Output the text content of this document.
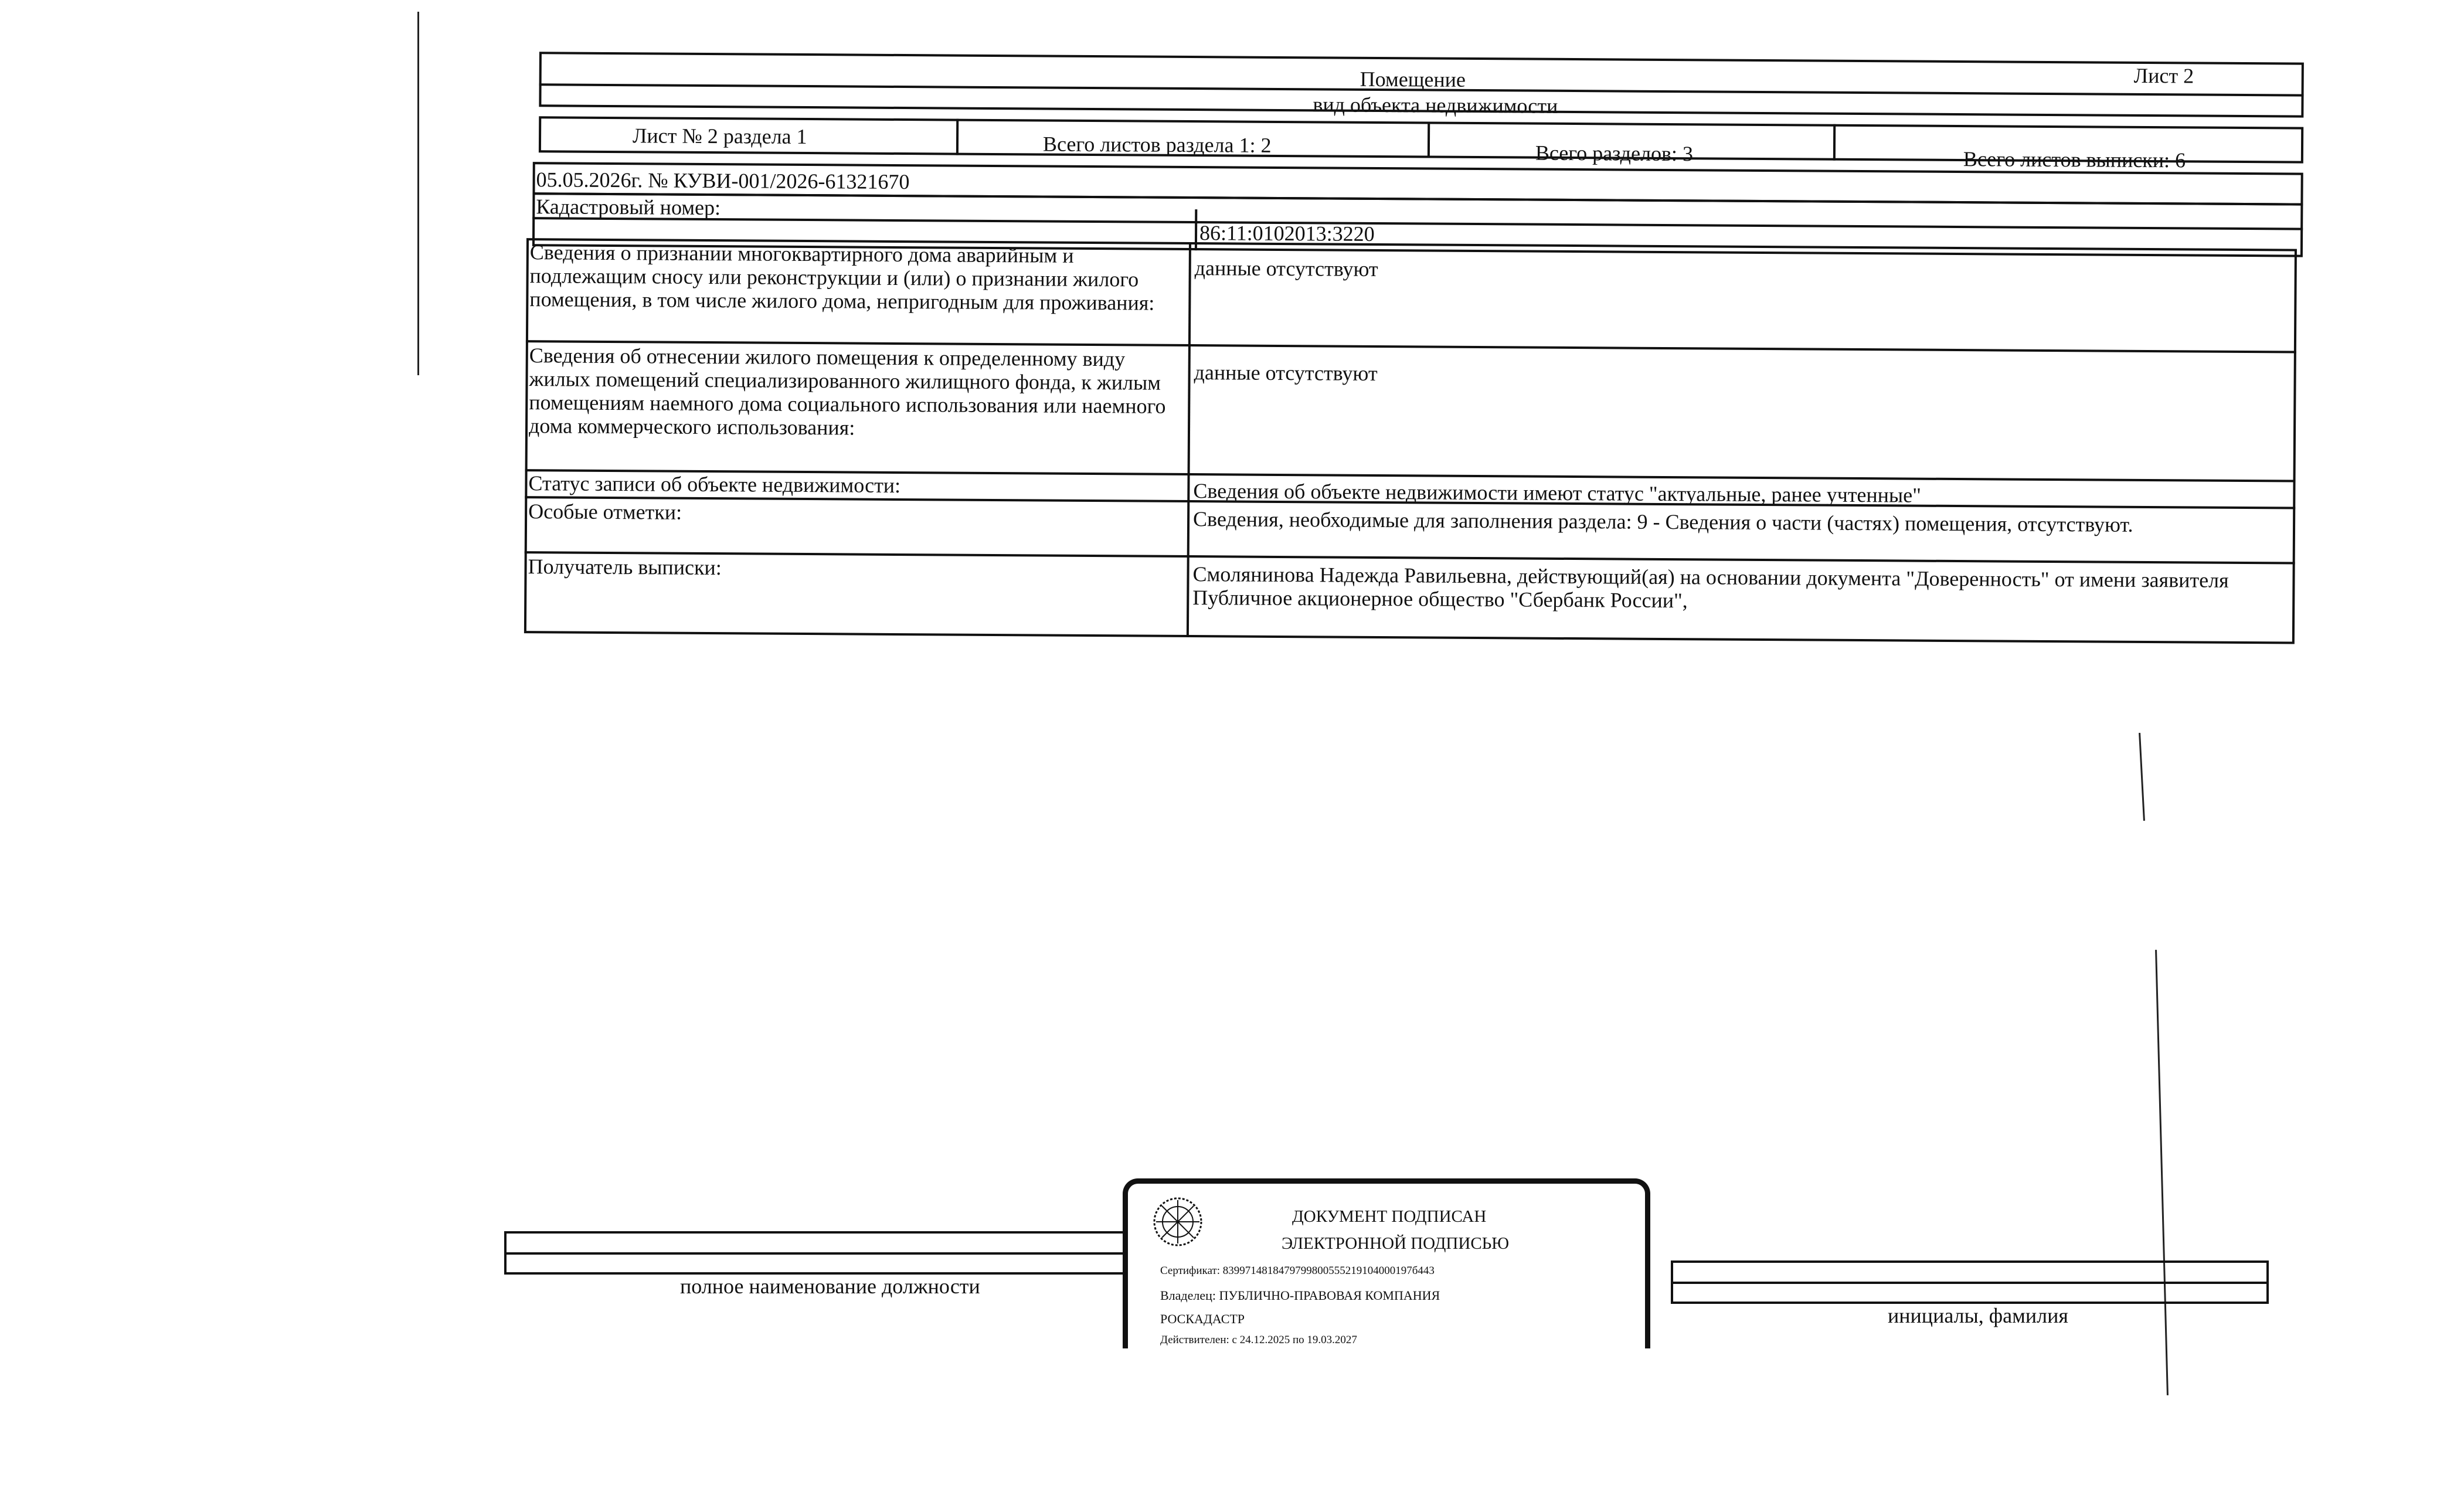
Лист 2
Помещение
вид объекта недвижимости
Лист № 2 раздела 1	Всего листов раздела 1: 2	Всего разделов: 3	Всего листов выписки: 6
05.05.2026г. № КУВИ-001/2026-61321670
Кадастровый номер:
86:11:0102013:3220
Сведения о признании многоквартирного дома аварийным и подлежащим сносу или реконструкции и (или) о признании жилого помещения, в том числе жилого дома, непригодным для проживания:
данные отсутствуют
Сведения об отнесении жилого помещения к определенному виду жилых помещений специализированного жилищного фонда, к жилым помещениям наемного дома социального использования или наемного дома коммерческого использования:
данные отсутствуют
Статус записи об объекте недвижимости:	Сведения об объекте недвижимости имеют статус "актуальные, ранее учтенные"
Особые отметки:	Сведения, необходимые для заполнения раздела: 9 - Сведения о части (частях) помещения, отсутствуют.
Получатель выписки:	Смолянинова Надежда Равильевна, действующий(ая) на основании документа "Доверенность" от имени заявителя Публичное акционерное общество "Сбербанк России",
полное наименование должности
инициалы, фамилия
ДОКУМЕНТ ПОДПИСАН
ЭЛЕКТРОННОЙ ПОДПИСЬЮ
Сертификат: 8399714818479799800555219104000197б443
Владелец: ПУБЛИЧНО-ПРАВОВАЯ КОМПАНИЯ
РОСКАДАСТР
Действителен: с 24.12.2025 по 19.03.2027
